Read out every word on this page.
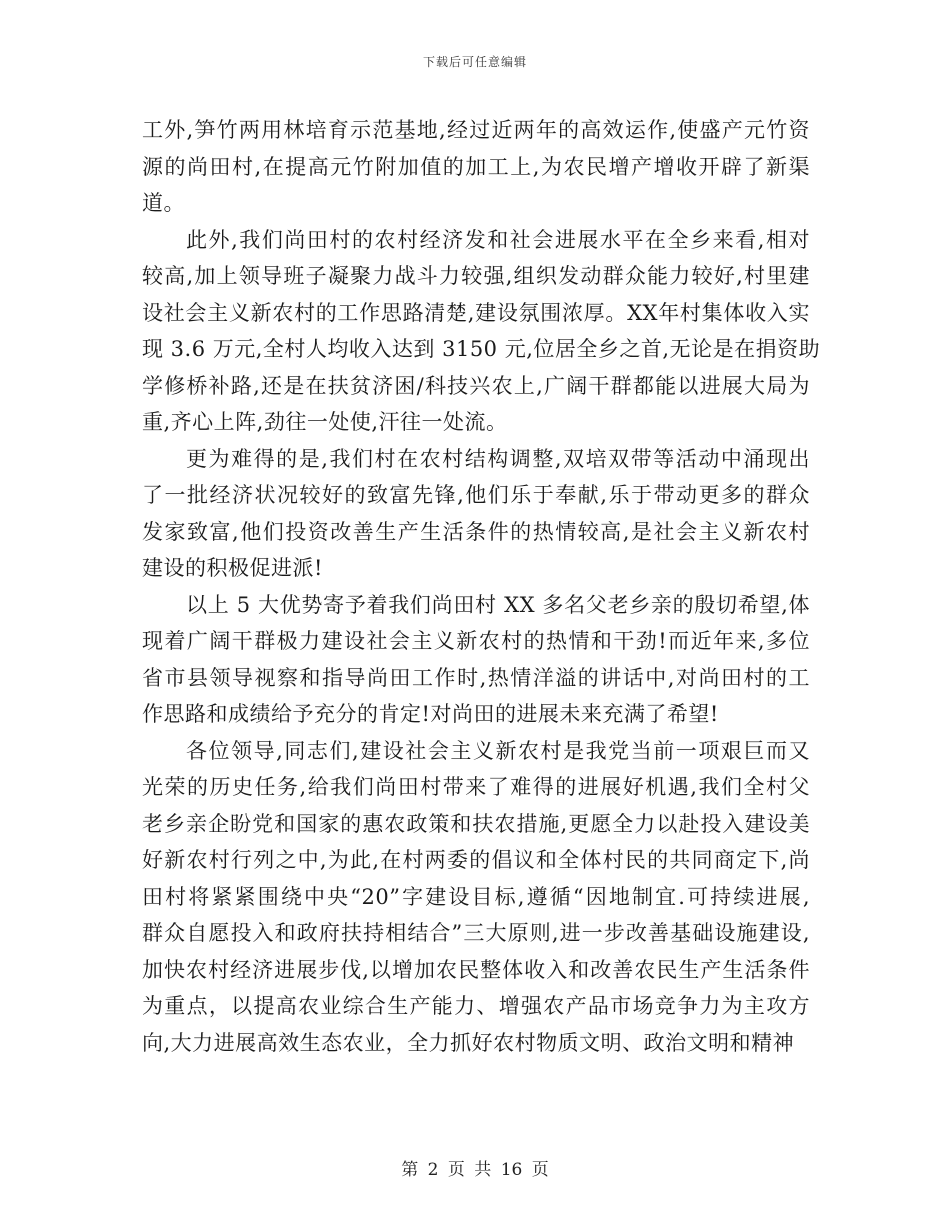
下载后可任意编辑
工外,笋竹两用林培育示范基地,经过近两年的高效运作,使盛产元竹资
源的尚田村,在提高元竹附加值的加工上,为农民增产增收开辟了新渠
道。
此外,我们尚田村的农村经济发和社会进展水平在全乡来看,相对
较高,加上领导班子凝聚力战斗力较强,组织发动群众能力较好,村里建
设社会主义新农村的工作思路清楚,建设氛围浓厚。XX年村集体收入实
现 3.6 万元,全村人均收入达到 3150 元,位居全乡之首,无论是在捐资助
学修桥补路,还是在扶贫济困/科技兴农上,广阔干群都能以进展大局为
重,齐心上阵,劲往一处使,汗往一处流。
更为难得的是,我们村在农村结构调整,双培双带等活动中涌现出
了一批经济状况较好的致富先锋,他们乐于奉献,乐于带动更多的群众
发家致富,他们投资改善生产生活条件的热情较高,是社会主义新农村
建设的积极促进派!
以上 5 大优势寄予着我们尚田村 XX 多名父老乡亲的殷切希望,体
现着广阔干群极力建设社会主义新农村的热情和干劲!而近年来,多位
省市县领导视察和指导尚田工作时,热情洋溢的讲话中,对尚田村的工
作思路和成绩给予充分的肯定!对尚田的进展未来充满了希望!
各位领导,同志们,建设社会主义新农村是我党当前一项艰巨而又
光荣的历史任务,给我们尚田村带来了难得的进展好机遇,我们全村父
老乡亲企盼党和国家的惠农政策和扶农措施,更愿全力以赴投入建设美
好新农村行列之中,为此,在村两委的倡议和全体村民的共同商定下,尚
田村将紧紧围绕中央“20”字建设目标,遵循“因地制宜.可持续进展,
群众自愿投入和政府扶持相结合”三大原则,进一步改善基础设施建设,
加快农村经济进展步伐,以增加农民整体收入和改善农民生产生活条件
为重点，以提高农业综合生产能力、增强农产品市场竞争力为主攻方
向,大力进展高效生态农业，全力抓好农村物质文明、政治文明和精神
第 2 页 共 16 页
